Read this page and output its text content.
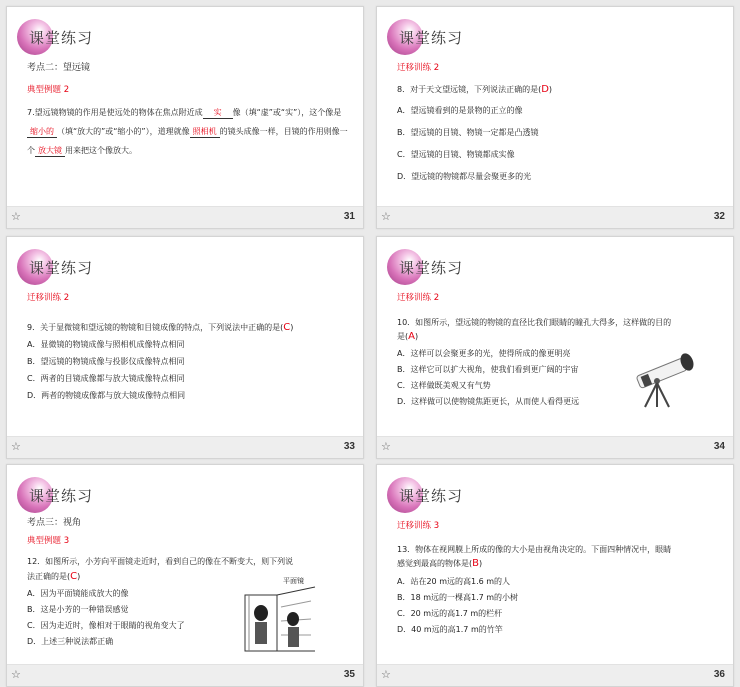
课堂练习
考点二：望远镜
典型例题 2
7.望远镜物镜的作用是使远处的物体在焦点附近成 实 像（填“虚”或“实”），这个像是缩小的 （填“放大的”或“缩小的”），道理就像 照相机 的镜头成像一样，目镜的作用则像一个 放大镜 用来把这个像放大。
☆	31
课堂练习
迁移训练 2
8．对于天文望远镜，下列说法正确的是(D)
A．望远镜看到的是景物的正立的像
B．望远镜的目镜、物镜一定都是凸透镜
C．望远镜的目镜、物镜都成实像
D．望远镜的物镜都尽量会聚更多的光
☆	32
课堂练习
迁移训练 2
9．关于显微镜和望远镜的物镜和目镜成像的特点，下列说法中正确的是(C)
A．显微镜的物镜成像与照相机成像特点相同
B．望远镜的物镜成像与投影仪成像特点相同
C．两者的目镜成像都与放大镜成像特点相同
D．两者的物镜成像都与放大镜成像特点相同
☆	33
课堂练习
迁移训练 2
10．如图所示，望远镜的物镜的直径比我们眼睛的瞳孔大得多，这样做的目的
是(A)
A．这样可以会聚更多的光，使得所成的像更明亮
B．这样它可以扩大视角，使我们看到更广阔的宇宙
C．这样做既美观又有气势
D．这样做可以使物镜焦距更长，从而使人看得更远
☆	34
课堂练习
考点三：视角
典型例题 3
12．如图所示，小芳向平面镜走近时，看到自己的像在不断变大，则下列说
法正确的是(C)
A．因为平面镜能成放大的像
B．这是小芳的一种错误感觉
C．因为走近时，像相对于眼睛的视角变大了
D．上述三种说法都正确
平面镜
☆	35
课堂练习
迁移训练 3
13．物体在视网膜上所成的像的大小是由视角决定的。下面四种情况中，眼睛
感觉到最高的物体是(B)
A．站在20 m远的高1.6 m的人
B．18 m远的一棵高1.7 m的小树
C．20 m远的高1.7 m的栏杆
D．40 m远的高1.7 m的竹竿
☆	36
